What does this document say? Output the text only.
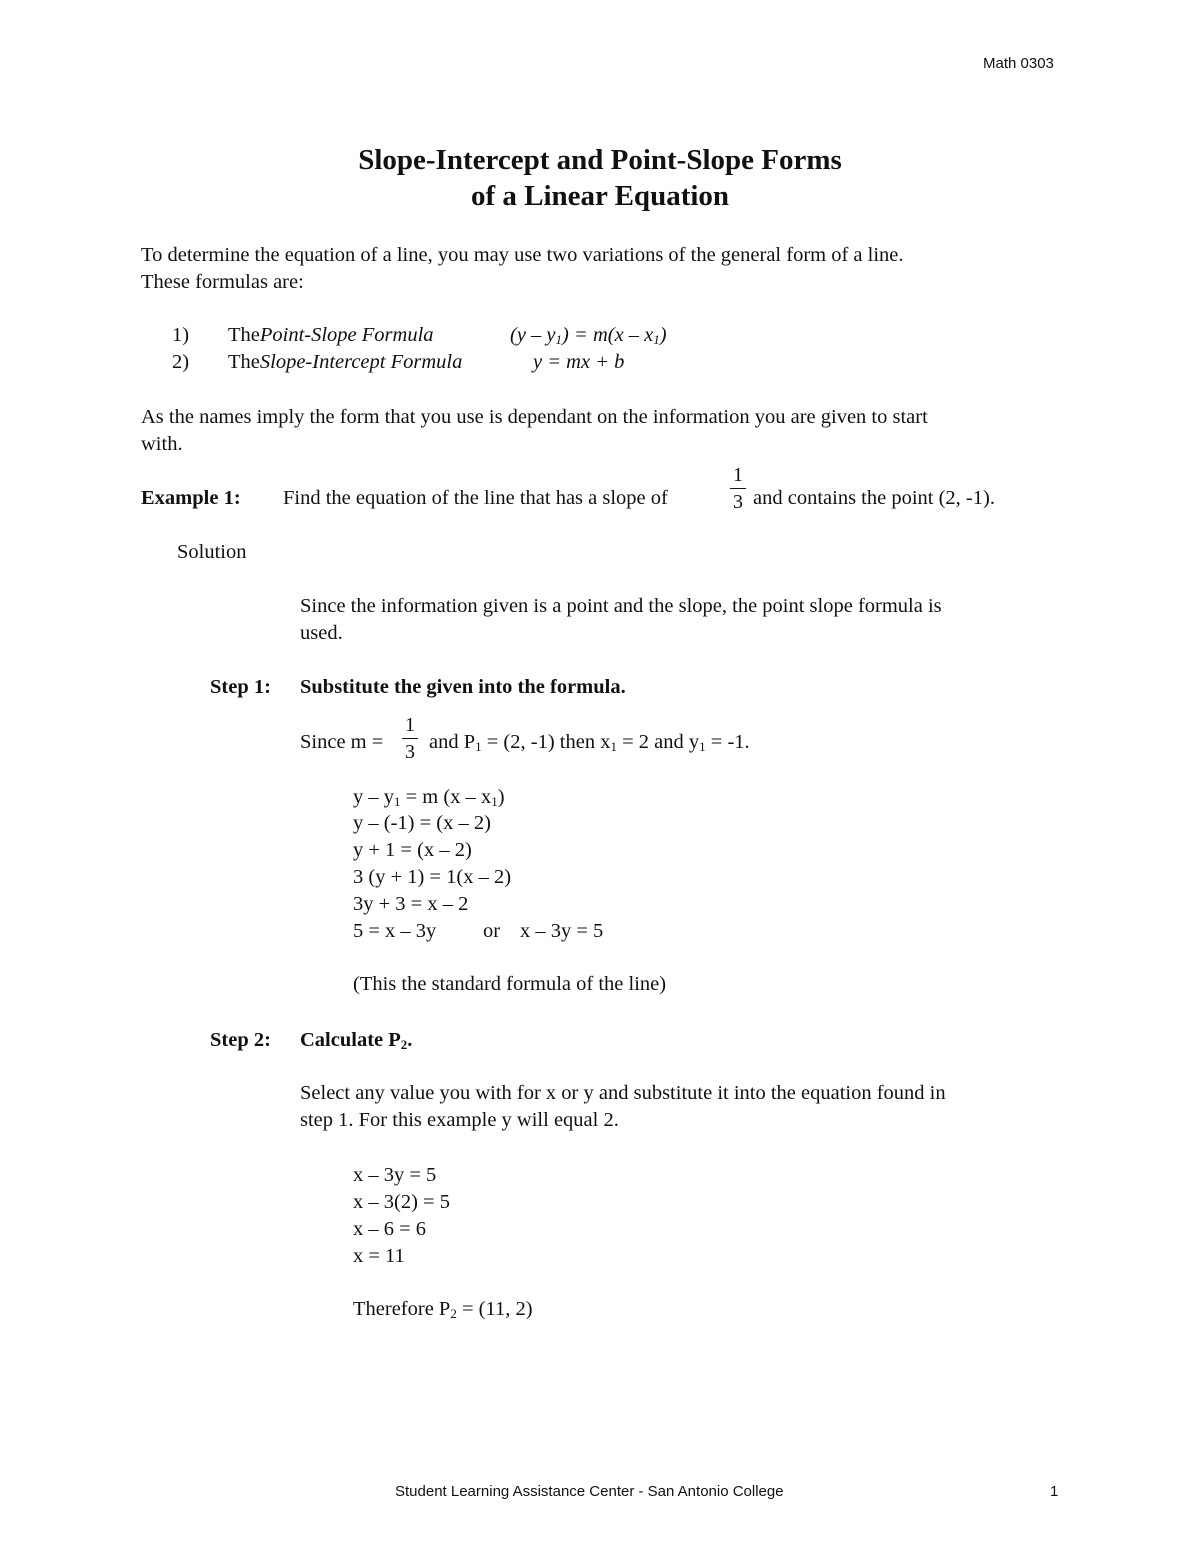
Math 0303
Slope-Intercept and Point-Slope Forms
of a Linear Equation
To determine the equation of a line, you may use two variations of the general form of a line.
These formulas are:
1) ThePoint-Slope Formula	$(y - y_1) = m(x - x_1)$
2) TheSlope-Intercept Formula	y = mx + b
As the names imply the form that you use is dependant on the information you are given to start
with.
Example 1: Find the equation of the line that has a slope of
1
3 and contains the point (2, -1).
Solution
Since the information given is a point and the slope, the point slope formula is
used.
Step 1: Substitute the given into the formula.
Since m =
1
3 and $P_1 = (2$, -1) then $x_1 = 2$ and $y_1 = -1$.
$y - y_1 = m$ $(x - x_1)$
y – (-1) = (x – 2)
y + 1 = (x – 2)
3 (y + 1) = 1(x – 2)
3y + 3 = x – 2
5 = x – 3y or x – 3y = 5
(This the standard formula of the line)
Step 2: Calculate $P_2$.
Select any value you with for x or y and substitute it into the equation found in
step 1. For this example y will equal 2.
x – 3y = 5
x – 3(2) = 5
x – 6 = 6
x = 11
Therefore $P_2 = (11$, 2)
Student Learning Assistance Center - San Antonio College	1
